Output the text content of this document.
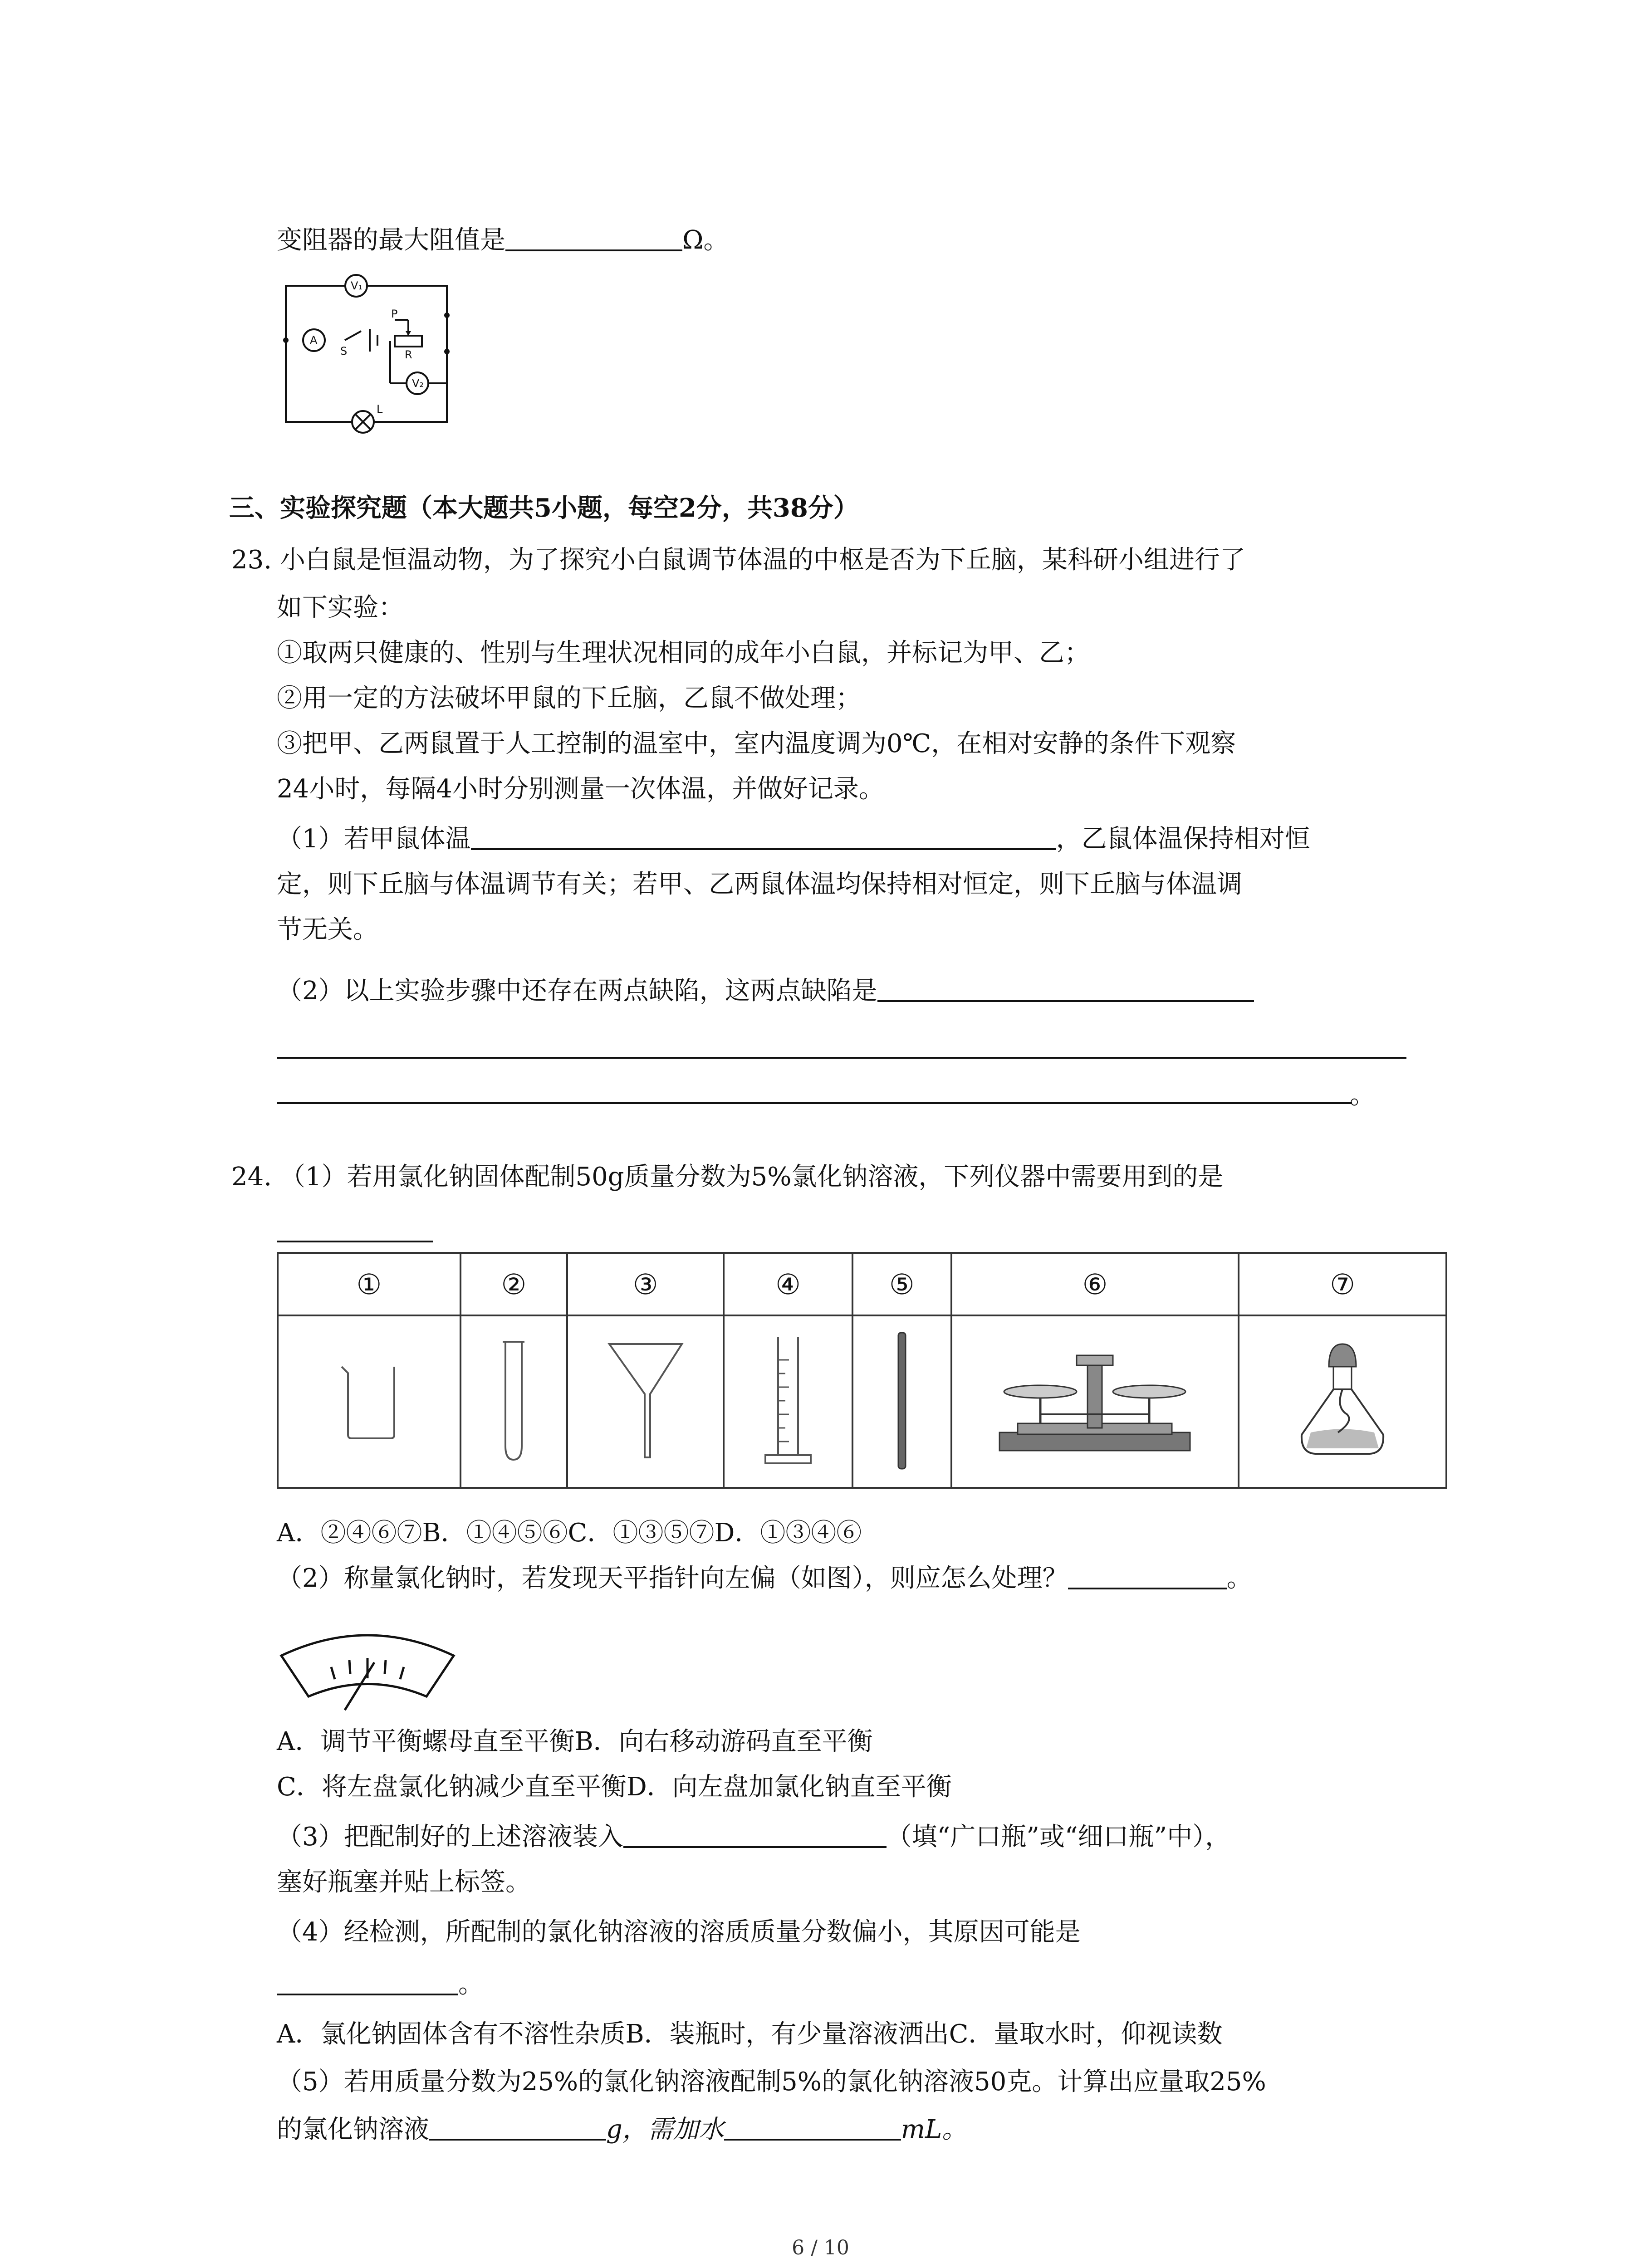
变阻器的最大阻值是	Ω。
V₁
A
S
P
R
V₂
L
三、实验探究题（本大题共5小题，每空2分，共38分）
23. 小白鼠是恒温动物，为了探究小白鼠调节体温的中枢是否为下丘脑，某科研小组进行了
如下实验：
①取两只健康的、性别与生理状况相同的成年小白鼠，并标记为甲、乙；
②用一定的方法破坏甲鼠的下丘脑，乙鼠不做处理；
③把甲、乙两鼠置于人工控制的温室中，室内温度调为0℃，在相对安静的条件下观察
24小时，每隔4小时分别测量一次体温，并做好记录。
（1）若甲鼠体温	，乙鼠体温保持相对恒
定，则下丘脑与体温调节有关；若甲、乙两鼠体温均保持相对恒定，则下丘脑与体温调
节无关。
（2）以上实验步骤中还存在两点缺陷，这两点缺陷是
。
24. （1）若用氯化钠固体配制50g质量分数为5%氯化钠溶液，下列仪器中需要用到的是
①	②	③	④	⑤	⑥	⑦

A．②④⑥⑦B．①④⑤⑥C．①③⑤⑦D．①③④⑥
（2）称量氯化钠时，若发现天平指针向左偏（如图），则应怎么处理？	。
A．调节平衡螺母直至平衡B．向右移动游码直至平衡
C．将左盘氯化钠减少直至平衡D．向左盘加氯化钠直至平衡
（3）把配制好的上述溶液装入	（填“广口瓶”或“细口瓶”中），
塞好瓶塞并贴上标签。
（4）经检测，所配制的氯化钠溶液的溶质质量分数偏小，其原因可能是
。
A．氯化钠固体含有不溶性杂质B．装瓶时，有少量溶液洒出C．量取水时，仰视读数
（5）若用质量分数为25%的氯化钠溶液配制5%的氯化钠溶液50克。计算出应量取25%
的氯化钠溶液	g，需加水	mL。
6 / 10
